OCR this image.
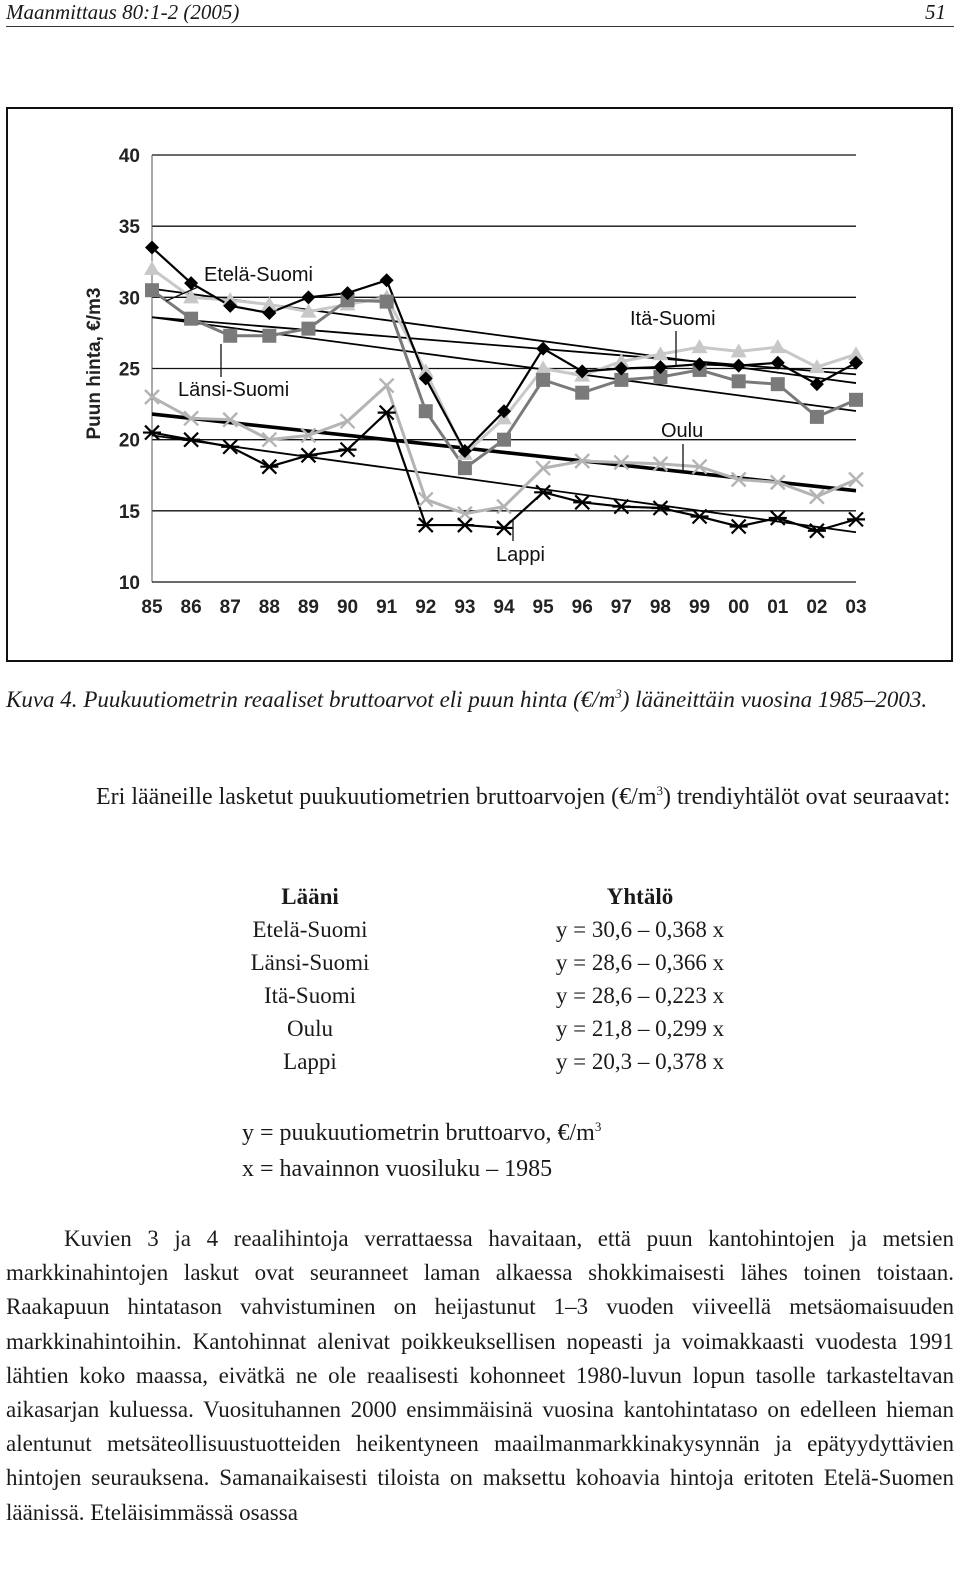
Maanmittaus 80:1-2 (2005)	51
10
15
20
25
30
35
40
85 86 87 88 89 90 91 92 93 94 95 96 97 98 99 00 01 02 03
Puun hinta, €/m3
Etelä-Suomi
Länsi-Suomi
Itä-Suomi
Oulu
Lappi
Kuva 4. Puukuutiometrin reaaliset bruttoarvot eli puun hinta $(€/m^3)$ lääneittäin vuosina 1985–2003.
Eri lääneille lasketut puukuutiometrien bruttoarvojen $(€/m^3)$ trendiyhtälöt ovat seuraavat:
Lääni	Yhtälö
Etelä-Suomi	y = 30,6 – 0,368 x
Länsi-Suomi	y = 28,6 – 0,366 x
Itä-Suomi	y = 28,6 – 0,223 x
Oulu	y = 21,8 – 0,299 x
Lappi	y = 20,3 – 0,378 x
y = puukuutiometrin bruttoarvo, $€/m^3$
x = havainnon vuosiluku – 1985
Kuvien 3 ja 4 reaalihintoja verrattaessa havaitaan, että puun kantohintojen ja metsien markkinahintojen laskut ovat seuranneet laman alkaessa shokkimaisesti lähes toinen toistaan. Raakapuun hintatason vahvistuminen on heijastunut 1–3 vuoden viiveellä metsäomaisuuden markkinahintoihin. Kantohinnat alenivat poikkeuksellisen nopeasti ja voimakkaasti vuodesta 1991 lähtien koko maassa, eivätkä ne ole reaalisesti kohonneet 1980-luvun lopun tasolle tarkasteltavan aikasarjan kuluessa. Vuosituhannen 2000 ensimmäisinä vuosina kantohintataso on edelleen hieman alentunut metsäteollisuustuotteiden heikentyneen maailmanmarkkinakysynnän ja epätyydyttävien hintojen seurauksena. Samanaikaisesti tiloista on maksettu kohoavia hintoja eritoten Etelä-Suomen läänissä. Eteläisimmässä osassa
